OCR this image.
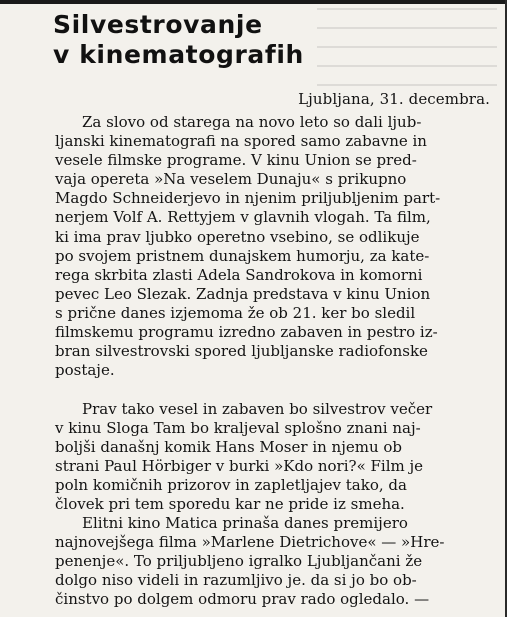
Silvestrovanje
v kinematografih

Ljubljana, 31. decembra.

Za slovo od starega na novo leto so dali ljub-
ljanski kinematografi na spored samo zabavne in
vesele filmske programe. V kinu Union se pred-
vaja opereta »Na veselem Dunaju« s prikupno
Magdo Schneiderjevo in njenim priljubljenim part-
nerjem Volf A. Rettyjem v glavnih vlogah. Ta film,
ki ima prav ljubko operetno vsebino, se odlikuje
po svojem pristnem dunajskem humorju, za kate-
rega skrbita zlasti Adela Sandrokova in komorni
pevec Leo Slezak. Zadnja predstava v kinu Union
s prične danes izjemoma že ob 21. ker bo sledil
filmskemu programu izredno zabaven in pestro iz-
bran silvestrovski spored ljubljanske radiofonske
postaje.

Prav tako vesel in zabaven bo silvestrov večer
v kinu Sloga Tam bo kraljeval splošno znani naj-
boljši današnj komik Hans Moser in njemu ob
strani Paul Hörbiger v burki »Kdo nori?« Film je
poln komičnih prizorov in zapletljajev tako, da
človek pri tem sporedu kar ne pride iz smeha.

Elitni kino Matica prinaša danes premijero
najnovejšega filma »Marlene Dietrichove« — »Hre-
penenje«. To priljubljeno igralko Ljubljančani že
dolgo niso videli in razumljivo je. da si jo bo ob-
činstvo po dolgem odmoru prav rado ogledalo. —
